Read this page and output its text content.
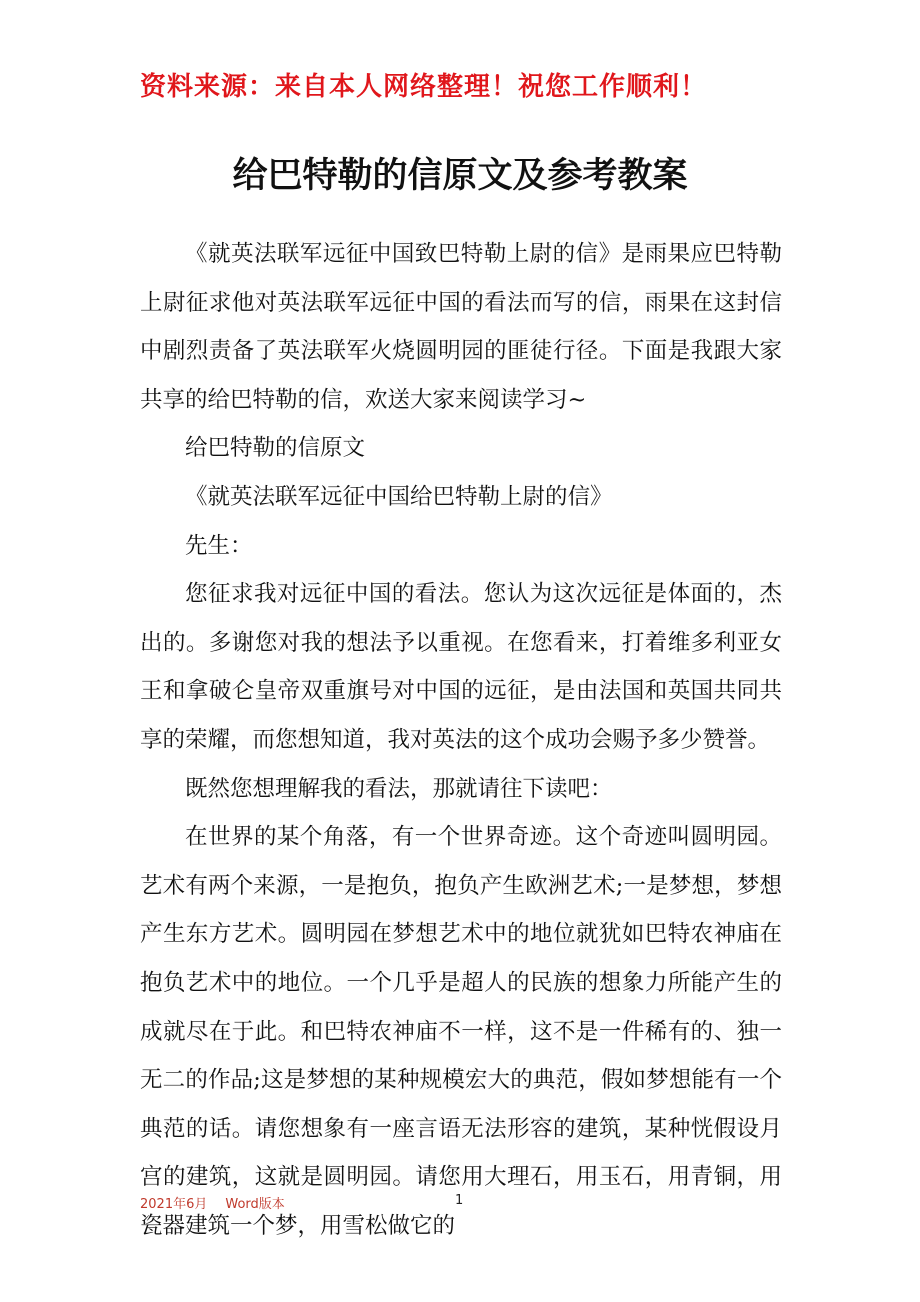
资料来源：来自本人网络整理！祝您工作顺利！
给巴特勒的信原文及参考教案

《就英法联军远征中国致巴特勒上尉的信》是雨果应巴特勒上尉征求他对英法联军远征中国的看法而写的信，雨果在这封信中剧烈责备了英法联军火烧圆明园的匪徒行径。下面是我跟大家共享的给巴特勒的信，欢送大家来阅读学习~

给巴特勒的信原文

《就英法联军远征中国给巴特勒上尉的信》

先生：

您征求我对远征中国的看法。您认为这次远征是体面的，杰出的。多谢您对我的想法予以重视。在您看来，打着维多利亚女王和拿破仑皇帝双重旗号对中国的远征，是由法国和英国共同共享的荣耀，而您想知道，我对英法的这个成功会赐予多少赞誉。

既然您想理解我的看法，那就请往下读吧：

在世界的某个角落，有一个世界奇迹。这个奇迹叫圆明园。艺术有两个来源，一是抱负，抱负产生欧洲艺术;一是梦想，梦想产生东方艺术。圆明园在梦想艺术中的地位就犹如巴特农神庙在抱负艺术中的地位。一个几乎是超人的民族的想象力所能产生的成就尽在于此。和巴特农神庙不一样，这不是一件稀有的、独一无二的作品;这是梦想的某种规模宏大的典范，假如梦想能有一个典范的话。请您想象有一座言语无法形容的建筑，某种恍假设月宫的建筑，这就是圆明园。请您用大理石，用玉石，用青铜，用瓷器建筑一个梦，用雪松做它的

2021年6月 Word版本	1
